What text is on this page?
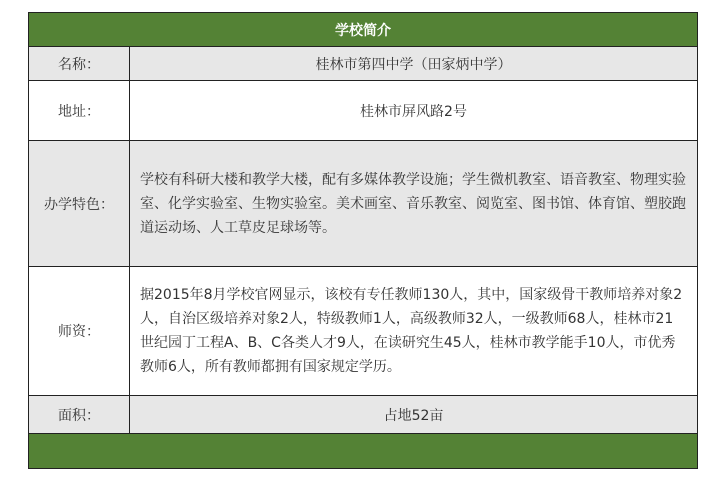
学校简介	
名称：	桂林市第四中学（田家炳中学）
地址：	桂林市屏风路2号
办学特色：	学校有科研大楼和教学大楼，配有多媒体教学设施；学生微机教室、语音教室、物理实验室、化学实验室、生物实验室。美术画室、音乐教室、阅览室、图书馆、体育馆、塑胶跑道运动场、人工草皮足球场等。
师资：	据2015年8月学校官网显示，该校有专任教师130人，其中，国家级骨干教师培养对象2人，自治区级培养对象2人，特级教师1人，高级教师32人，一级教师68人，桂林市21世纪园丁工程A、B、C各类人才9人，在读研究生45人，桂林市教学能手10人，市优秀教师6人，所有教师都拥有国家规定学历。
面积：	占地52亩
